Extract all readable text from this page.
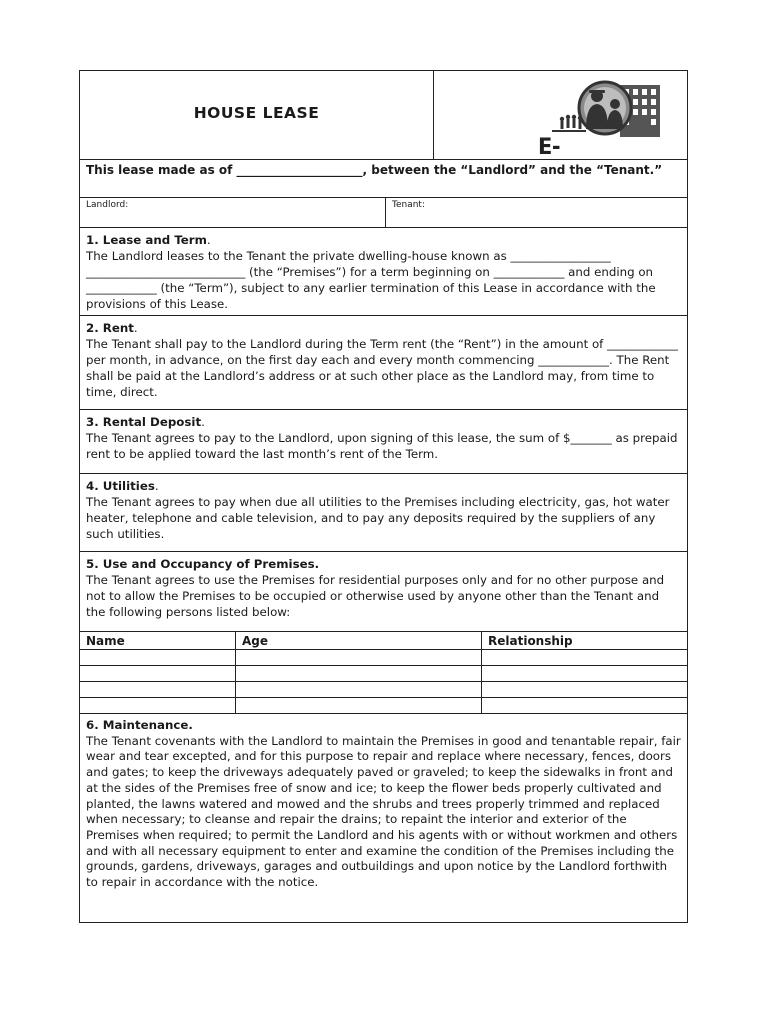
HOUSE LEASE
E-
This lease made as of _____________________, between the “Landlord” and the “Tenant.”
Landlord:	Tenant:
1. Lease and Term.
The Landlord leases to the Tenant the private dwelling-house known as _________________ ___________________________ (the “Premises”) for a term beginning on ____________ and ending on ____________ (the “Term”), subject to any earlier termination of this Lease in accordance with the provisions of this Lease.
2. Rent.
The Tenant shall pay to the Landlord during the Term rent (the “Rent”) in the amount of ____________ per month, in advance, on the first day each and every month commencing ____________. The Rent shall be paid at the Landlord’s address or at such other place as the Landlord may, from time to time, direct.
3. Rental Deposit.
The Tenant agrees to pay to the Landlord, upon signing of this lease, the sum of $_______ as prepaid rent to be applied toward the last month’s rent of the Term.
4. Utilities.
The Tenant agrees to pay when due all utilities to the Premises including electricity, gas, hot water heater, telephone and cable television, and to pay any deposits required by the suppliers of any such utilities.
5. Use and Occupancy of Premises.
The Tenant agrees to use the Premises for residential purposes only and for no other purpose and not to allow the Premises to be occupied or otherwise used by anyone other than the Tenant and the following persons listed below:
Name	Age	Relationship

6. Maintenance.
The Tenant covenants with the Landlord to maintain the Premises in good and tenantable repair, fair wear and tear excepted, and for this purpose to repair and replace where necessary, fences, doors and gates; to keep the driveways adequately paved or graveled; to keep the sidewalks in front and at the sides of the Premises free of snow and ice; to keep the flower beds properly cultivated and planted, the lawns watered and mowed and the shrubs and trees properly trimmed and replaced when necessary; to cleanse and repair the drains; to repaint the interior and exterior of the Premises when required; to permit the Landlord and his agents with or without workmen and others and with all necessary equipment to enter and examine the condition of the Premises including the grounds, gardens, driveways, garages and outbuildings and upon notice by the Landlord forthwith to repair in accordance with the notice.
